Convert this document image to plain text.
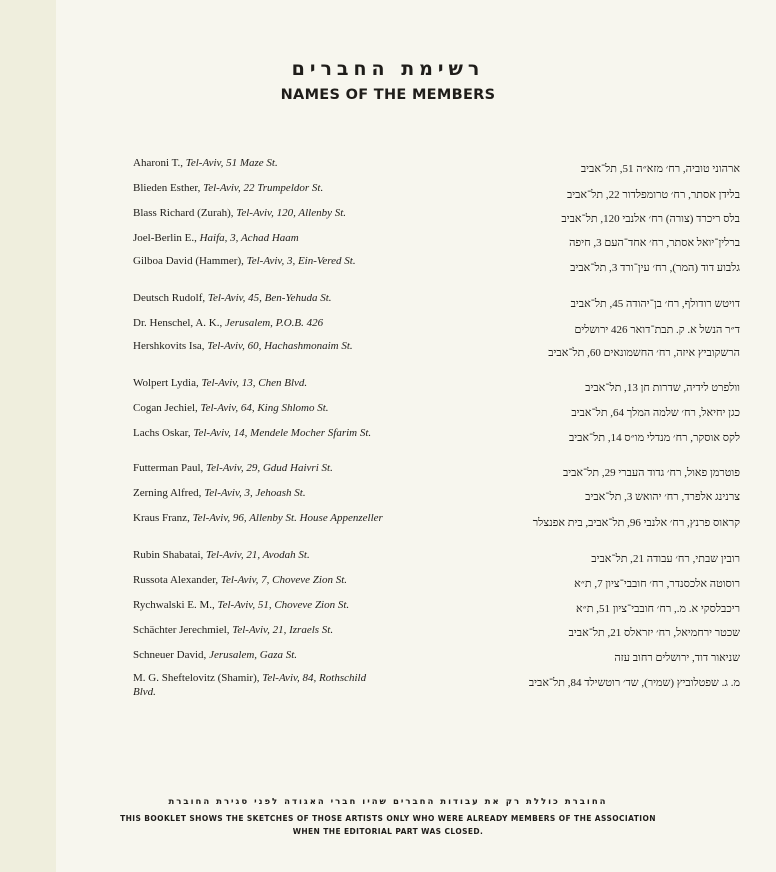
רשימת החברים
NAMES OF THE MEMBERS
Aharoni T., Tel-Aviv, 51 Maze St.
Blieden Esther, Tel-Aviv, 22 Trumpeldor St.
Blass Richard (Zurah), Tel-Aviv, 120, Allenby St.
Joel-Berlin E., Haifa, 3, Achad Haam
Gilboa David (Hammer), Tel-Aviv, 3, Ein-Vered St.
Deutsch Rudolf, Tel-Aviv, 45, Ben-Yehuda St.
Dr. Henschel, A. K., Jerusalem, P.O.B. 426
Hershkovits Isa, Tel-Aviv, 60, Hachashmonaim St.
Wolpert Lydia, Tel-Aviv, 13, Chen Blvd.
Cogan Jechiel, Tel-Aviv, 64, King Shlomo St.
Lachs Oskar, Tel-Aviv, 14, Mendele Mocher Sfarim St.
Futterman Paul, Tel-Aviv, 29, Gdud Haivri St.
Zerning Alfred, Tel-Aviv, 3, Jehoash St.
Kraus Franz, Tel-Aviv, 96, Allenby St. House Appenzeller
Rubin Shabatai, Tel-Aviv, 21, Avodah St.
Russota Alexander, Tel-Aviv, 7, Choveve Zion St.
Rychwalski E. M., Tel-Aviv, 51, Choveve Zion St.
Schächter Jerechmiel, Tel-Aviv, 21, Izraels St.
Schneuer David, Jerusalem, Gaza St.
M. G. Sheftelovitz (Shamir), Tel-Aviv, 84, Rothschild Blvd.
ארהוני טוביה, רח׳ מזא״ה 51, תל־אביב
בלידן אסתר, רח׳ טרומפלדור 22, תל־אביב
בלס ריכרד (צורה) רח׳ אלנבי 120, תל־אביב
ברלין־יואל אסתר, רח׳ אחד־העם 3, חיפה
גלבוע דוד (המר), רח׳ עין־ורד 3, תל־אביב
דויטש רודולף, רח׳ בן־יהודה 45, תל־אביב
ד״ר הנשל א. ק. תבת־דואר 426 ירושלים
הרשקוביץ איזה, רח׳ החשמונאים 60, תל־אביב
וולפרט לידיה, שדרות חן 13, תל־אביב
כגן יחיאל, רח׳ שלמה המלך 64, תל־אביב
לקס אוסקר, רח׳ מנדלי מו״ס 14, תל־אביב
פוטרמן פאול, רח׳ גדוד העברי 29, תל־אביב
צרנינג אלפרד, רח׳ יהואש 3, תל־אביב
קראוס פרנץ, רח׳ אלנבי 96, תל־אביב, בית אפנצלר
רובין שבתי, רח׳ עבודה 21, תל־אביב
רוסוטה אלכסנדר, רח׳ חובבי־ציון 7, ת״א
ריכבלסקי א. מ., רח׳ חובבי־ציון 51, ת״א
שכטר ירחמיאל, רח׳ יזראלס 21, תל־אביב
שניאור דוד, ירושלים רחוב עזה
מ. ג. שפטלוביץ (שמיר), שד׳ רוטשילד 84, תל־אביב
החוברת כוללת רק את עבודות החברים שהיו חברי האגודה לפני סגירת החוברת
THIS BOOKLET SHOWS THE SKETCHES OF THOSE ARTISTS ONLY WHO WERE ALREADY MEMBERS OF THE ASSOCIATION WHEN THE EDITORIAL PART WAS CLOSED.
